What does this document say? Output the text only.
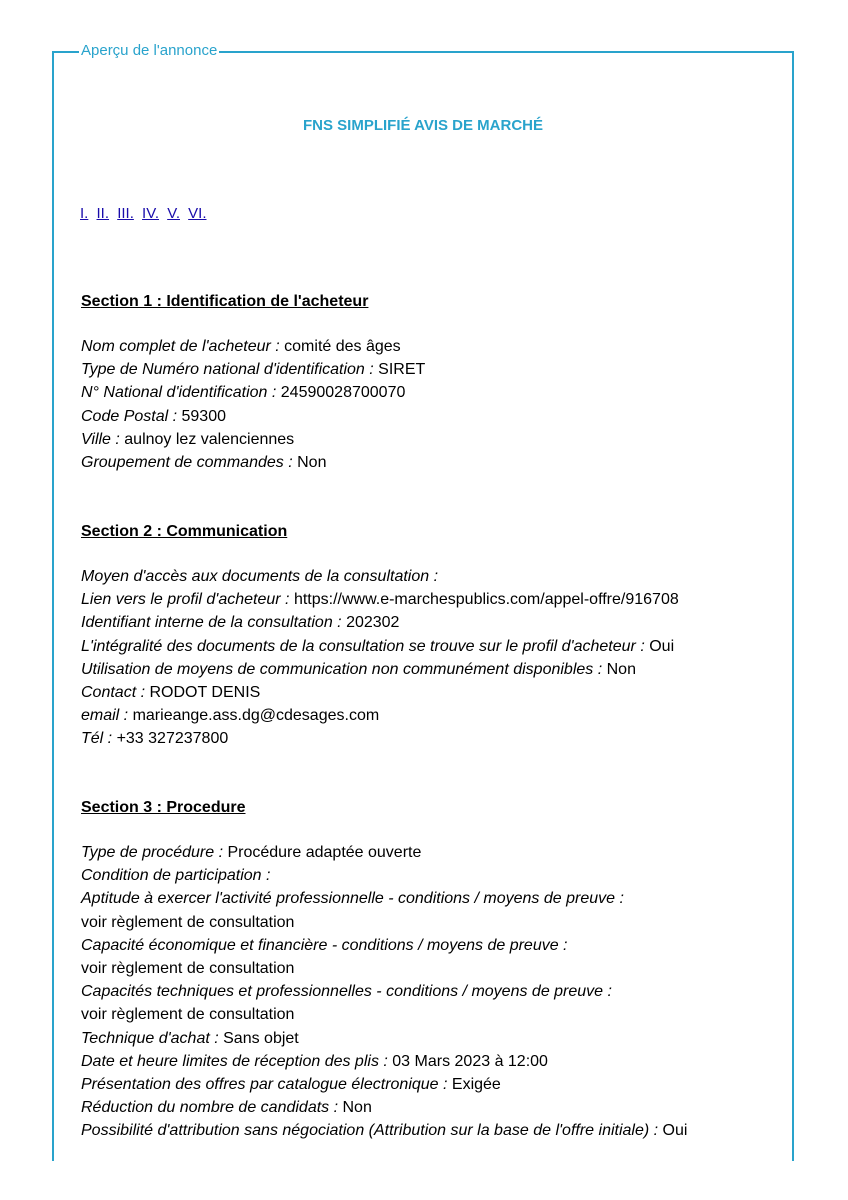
Aperçu de l'annonce
FNS SIMPLIFIÉ AVIS DE MARCHÉ
I. II. III. IV. V. VI.
Section 1 : Identification de l'acheteur
Nom complet de l'acheteur : comité des âges
Type de Numéro national d'identification : SIRET
N° National d'identification : 24590028700070
Code Postal : 59300
Ville : aulnoy lez valenciennes
Groupement de commandes : Non
Section 2 : Communication
Moyen d'accès aux documents de la consultation :
Lien vers le profil d'acheteur : https://www.e-marchespublics.com/appel-offre/916708
Identifiant interne de la consultation : 202302
L'intégralité des documents de la consultation se trouve sur le profil d'acheteur : Oui
Utilisation de moyens de communication non communément disponibles : Non
Contact : RODOT DENIS
email : marieange.ass.dg@cdesages.com
Tél : +33 327237800
Section 3 : Procedure
Type de procédure : Procédure adaptée ouverte
Condition de participation :
Aptitude à exercer l'activité professionnelle - conditions / moyens de preuve :
voir règlement de consultation
Capacité économique et financière - conditions / moyens de preuve :
voir règlement de consultation
Capacités techniques et professionnelles - conditions / moyens de preuve :
voir règlement de consultation
Technique d'achat : Sans objet
Date et heure limites de réception des plis : 03 Mars 2023 à 12:00
Présentation des offres par catalogue électronique : Exigée
Réduction du nombre de candidats : Non
Possibilité d'attribution sans négociation (Attribution sur la base de l'offre initiale) : Oui
